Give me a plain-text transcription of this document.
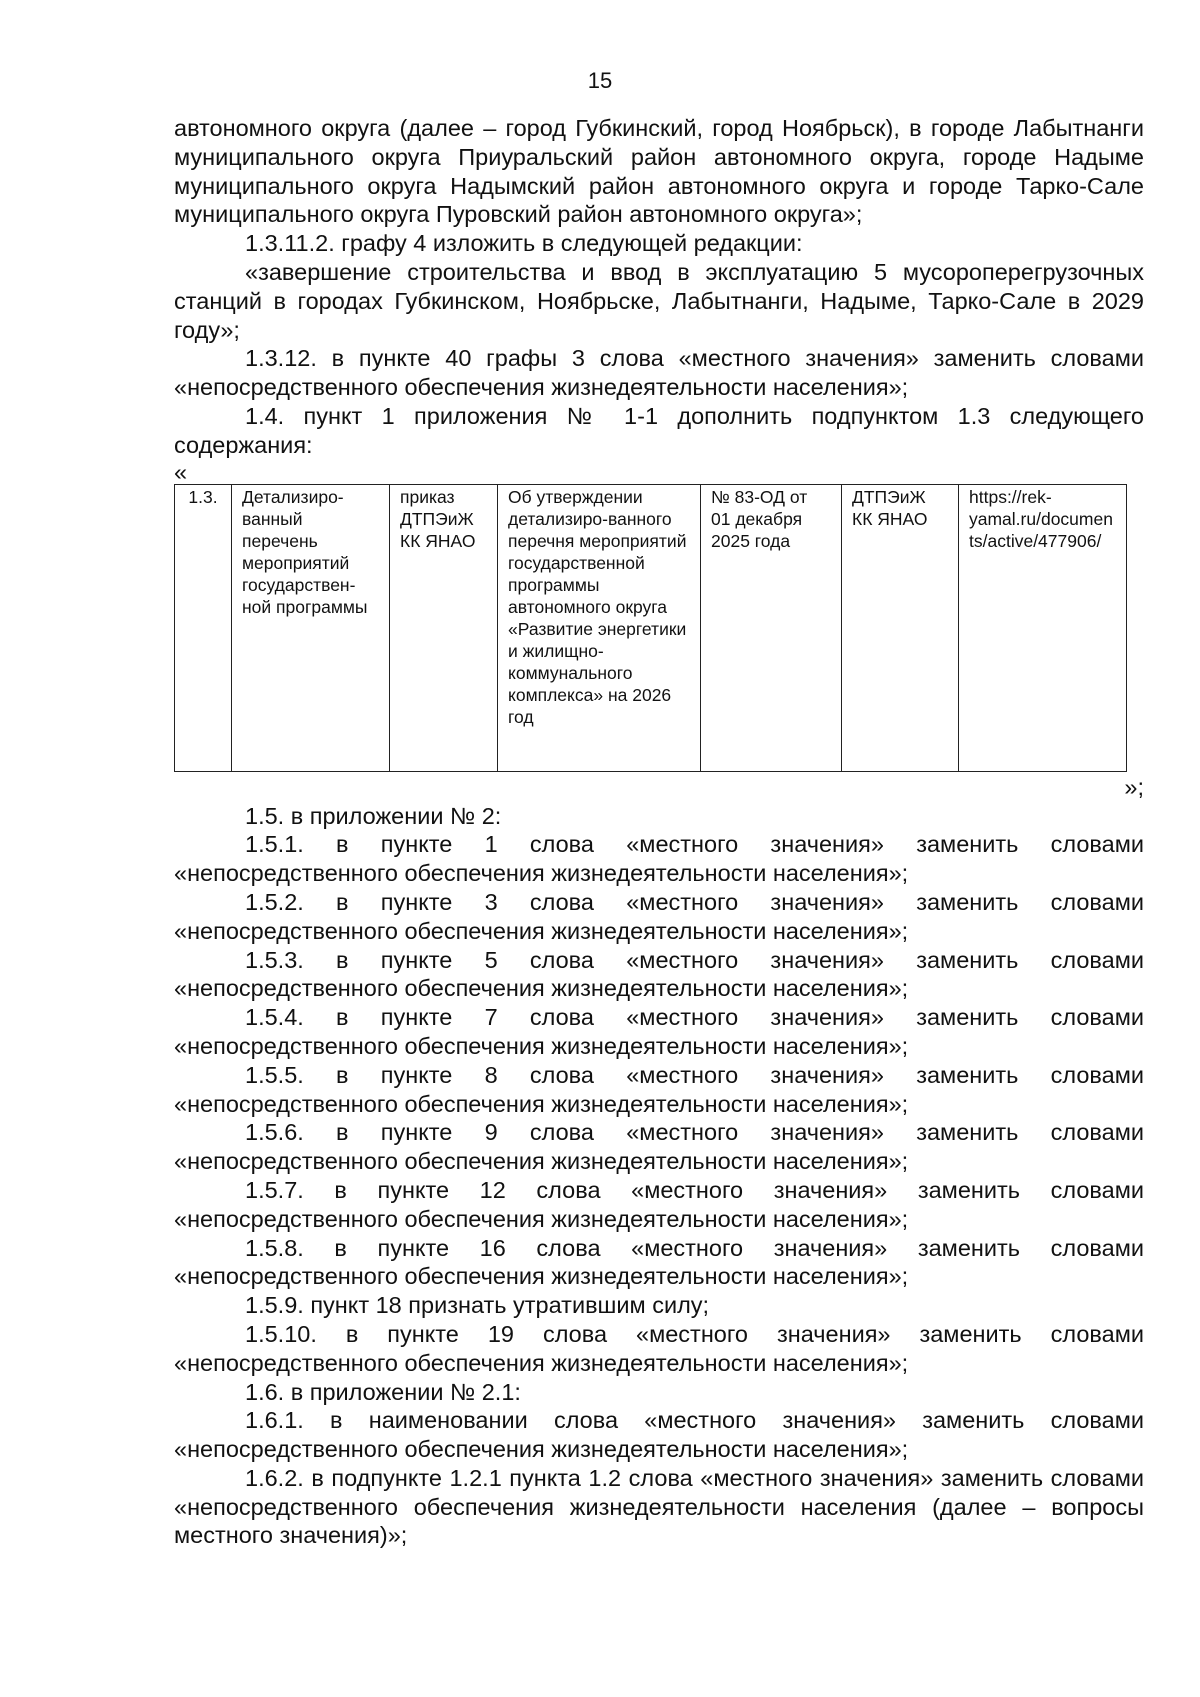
15

автономного округа (далее – город Губкинский, город Ноябрьск), в городе Лабытнанги муниципального округа Приуральский район автономного округа, городе Надыме муниципального округа Надымский район автономного округа и городе Тарко-Сале муниципального округа Пуровский район автономного округа»;

1.3.11.2. графу 4 изложить в следующей редакции:

«завершение строительства и ввод в эксплуатацию 5 мусороперегрузочных станций в городах Губкинском, Ноябрьске, Лабытнанги, Надыме, Тарко-Сале в 2029 году»;

1.3.12. в пункте 40 графы 3 слова «местного значения» заменить словами «непосредственного обеспечения жизнедеятельности населения»;

1.4. пункт 1 приложения № 1-1 дополнить подпунктом 1.3 следующего содержания:

«

1.3.	Детализиро-ванный перечень мероприятий государствен-ной программы	приказ ДТПЭиЖ КК ЯНАО	Об утверждении детализиро-ванного перечня мероприятий государственной программы автономного округа «Развитие энергетики и жилищно-коммунального комплекса» на 2026 год	№ 83-ОД от 01 декабря 2025 года	ДТПЭиЖ КК ЯНАО	https://rek-yamal.ru/documents/active/477906/

»;

1.5. в приложении № 2:

1.5.1. в пункте 1 слова «местного значения» заменить словами «непосредственного обеспечения жизнедеятельности населения»;

1.5.2. в пункте 3 слова «местного значения» заменить словами «непосредственного обеспечения жизнедеятельности населения»;

1.5.3. в пункте 5 слова «местного значения» заменить словами «непосредственного обеспечения жизнедеятельности населения»;

1.5.4. в пункте 7 слова «местного значения» заменить словами «непосредственного обеспечения жизнедеятельности населения»;

1.5.5. в пункте 8 слова «местного значения» заменить словами «непосредственного обеспечения жизнедеятельности населения»;

1.5.6. в пункте 9 слова «местного значения» заменить словами «непосредственного обеспечения жизнедеятельности населения»;

1.5.7. в пункте 12 слова «местного значения» заменить словами «непосредственного обеспечения жизнедеятельности населения»;

1.5.8. в пункте 16 слова «местного значения» заменить словами «непосредственного обеспечения жизнедеятельности населения»;

1.5.9. пункт 18 признать утратившим силу;

1.5.10. в пункте 19 слова «местного значения» заменить словами «непосредственного обеспечения жизнедеятельности населения»;

1.6. в приложении № 2.1:

1.6.1. в наименовании слова «местного значения» заменить словами «непосредственного обеспечения жизнедеятельности населения»;

1.6.2. в подпункте 1.2.1 пункта 1.2 слова «местного значения» заменить словами «непосредственного обеспечения жизнедеятельности населения (далее – вопросы местного значения)»;
